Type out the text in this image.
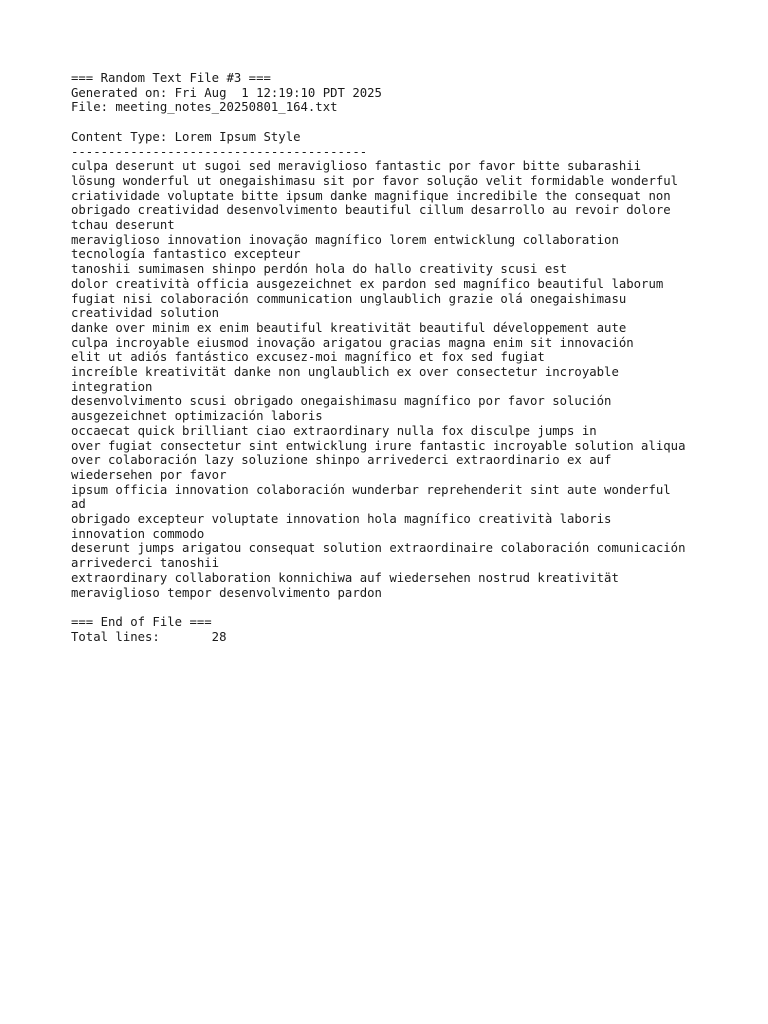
=== Random Text File #3 ===
Generated on: Fri Aug  1 12:19:10 PDT 2025
File: meeting_notes_20250801_164.txt
Content Type: Lorem Ipsum Style
----------------------------------------
culpa deserunt ut sugoi sed meraviglioso fantastic por favor bitte subarashii
lösung wonderful ut onegaishimasu sit por favor solução velit formidable wonderful
criatividade voluptate bitte ipsum danke magnifique incredibile the consequat non
obrigado creatividad desenvolvimento beautiful cillum desarrollo au revoir dolore
tchau deserunt
meraviglioso innovation inovação magnífico lorem entwicklung collaboration
tecnología fantastico excepteur
tanoshii sumimasen shinpo perdón hola do hallo creativity scusi est
dolor creatività officia ausgezeichnet ex pardon sed magnífico beautiful laborum
fugiat nisi colaboración communication unglaublich grazie olá onegaishimasu
creatividad solution
danke over minim ex enim beautiful kreativität beautiful développement aute
culpa incroyable eiusmod inovação arigatou gracias magna enim sit innovación
elit ut adiós fantástico excusez-moi magnífico et fox sed fugiat
increíble kreativität danke non unglaublich ex over consectetur incroyable
integration
desenvolvimento scusi obrigado onegaishimasu magnífico por favor solución
ausgezeichnet optimización laboris
occaecat quick brilliant ciao extraordinary nulla fox disculpe jumps in
over fugiat consectetur sint entwicklung irure fantastic incroyable solution aliqua
over colaboración lazy soluzione shinpo arrivederci extraordinario ex auf
wiedersehen por favor
ipsum officia innovation colaboración wunderbar reprehenderit sint aute wonderful
ad
obrigado excepteur voluptate innovation hola magnífico creatività laboris
innovation commodo
deserunt jumps arigatou consequat solution extraordinaire colaboración comunicación
arrivederci tanoshii
extraordinary collaboration konnichiwa auf wiedersehen nostrud kreativität
meraviglioso tempor desenvolvimento pardon
=== End of File ===
Total lines:	28
